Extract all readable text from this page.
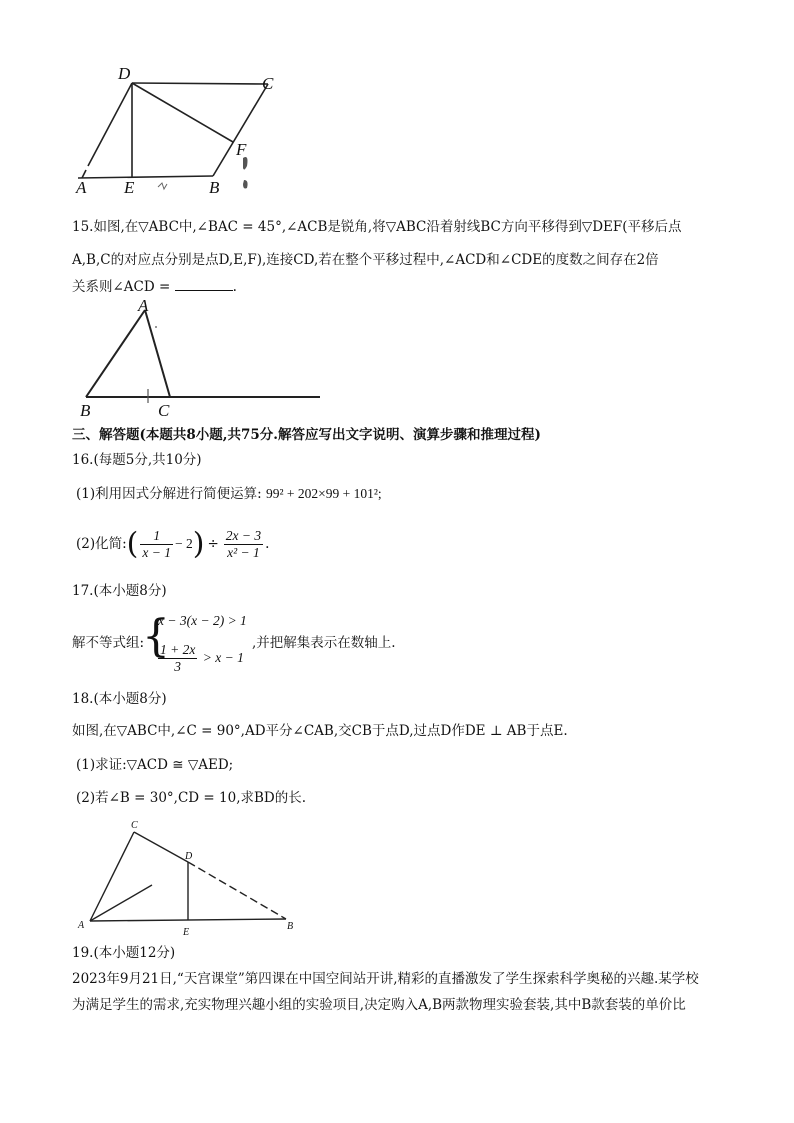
D
C
F
A E	B
15.如图,在▽ABC中,∠BAC = 45°,∠ACB是锐角,将▽ABC沿着射线BC方向平移得到▽DEF(平移后点
A,B,C的对应点分别是点D,E,F),连接CD,若在整个平移过程中,∠ACD和∠CDE的度数之间存在2倍
关系则∠ACD =	.
A
B	C
三、解答题(本题共8小题,共75分.解答应写出文字说明、演算步骤和推理过程)
16.(每题5分,共10分)
(1)利用因式分解进行简便运算: 99² + 202×99 + 101²;
(2)化简:( $\frac{1}{x - 1} - 2) \div \frac{2x - 3}{\text{x² − 1}}$ .
17.(本小题8分)
解不等式组:
{
x − 3(x − 2) > 1
$\frac{1 + 2x}{3} > x - 1$
,并把解集表示在数轴上.
18.(本小题8分)
如图,在▽ABC中,∠C = 90°,AD平分∠CAB,交CB于点D,过点D作DE ⊥ AB于点E.
(1)求证:▽ACD ≅ ▽AED;
(2)若∠B = 30°,CD = 10,求BD的长.
C
D
A
E
B
19.(本小题12分)
2023年9月21日,“天宫课堂”第四课在中国空间站开讲,精彩的直播激发了学生探索科学奥秘的兴趣.某学校
为满足学生的需求,充实物理兴趣小组的实验项目,决定购入A,B两款物理实验套装,其中B款套装的单价比
